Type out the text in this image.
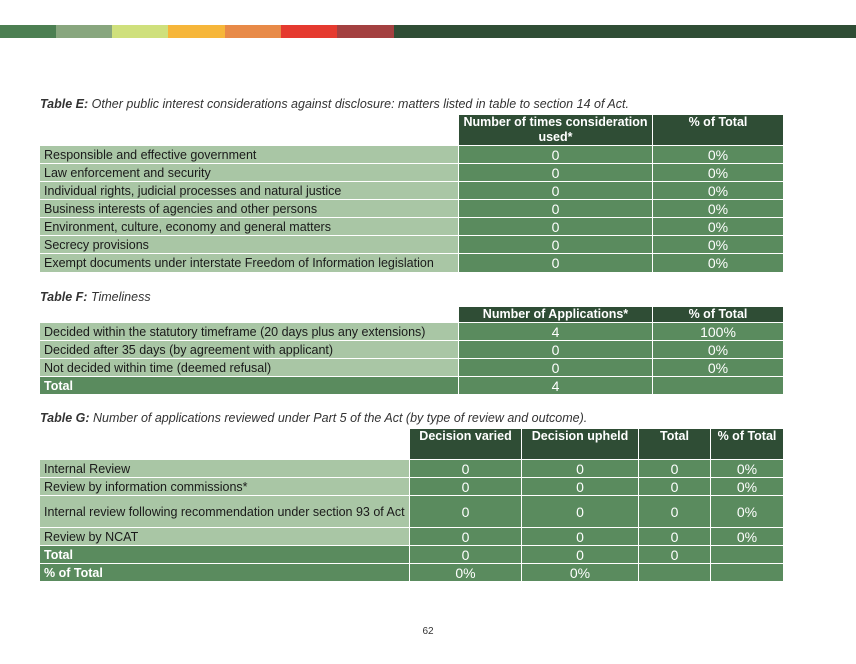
Table E: Other public interest considerations against disclosure: matters listed in table to section 14 of Act.
	Number of times consideration used*	% of Total
Responsible and effective government	0	0%
Law enforcement and security	0	0%
Individual rights, judicial processes and natural justice	0	0%
Business interests of agencies and other persons	0	0%
Environment, culture, economy and general matters	0	0%
Secrecy provisions	0	0%
Exempt documents under interstate Freedom of Information legislation	0	0%
Table F: Timeliness
	Number of Applications*	% of Total
Decided within the statutory timeframe (20 days plus any extensions)	4	100%
Decided after 35 days (by agreement with applicant)	0	0%
Not decided within time (deemed refusal)	0	0%
Total	4	
Table G: Number of applications reviewed under Part 5 of the Act (by type of review and outcome).
	Decision varied	Decision upheld	Total	% of Total
Internal Review	0	0	0	0%
Review by information commissions*	0	0	0	0%
Internal review following recommendation under section 93 of Act	0	0	0	0%
Review by NCAT	0	0	0	0%
Total	0	0	0	
% of Total	0%	0%		
62
